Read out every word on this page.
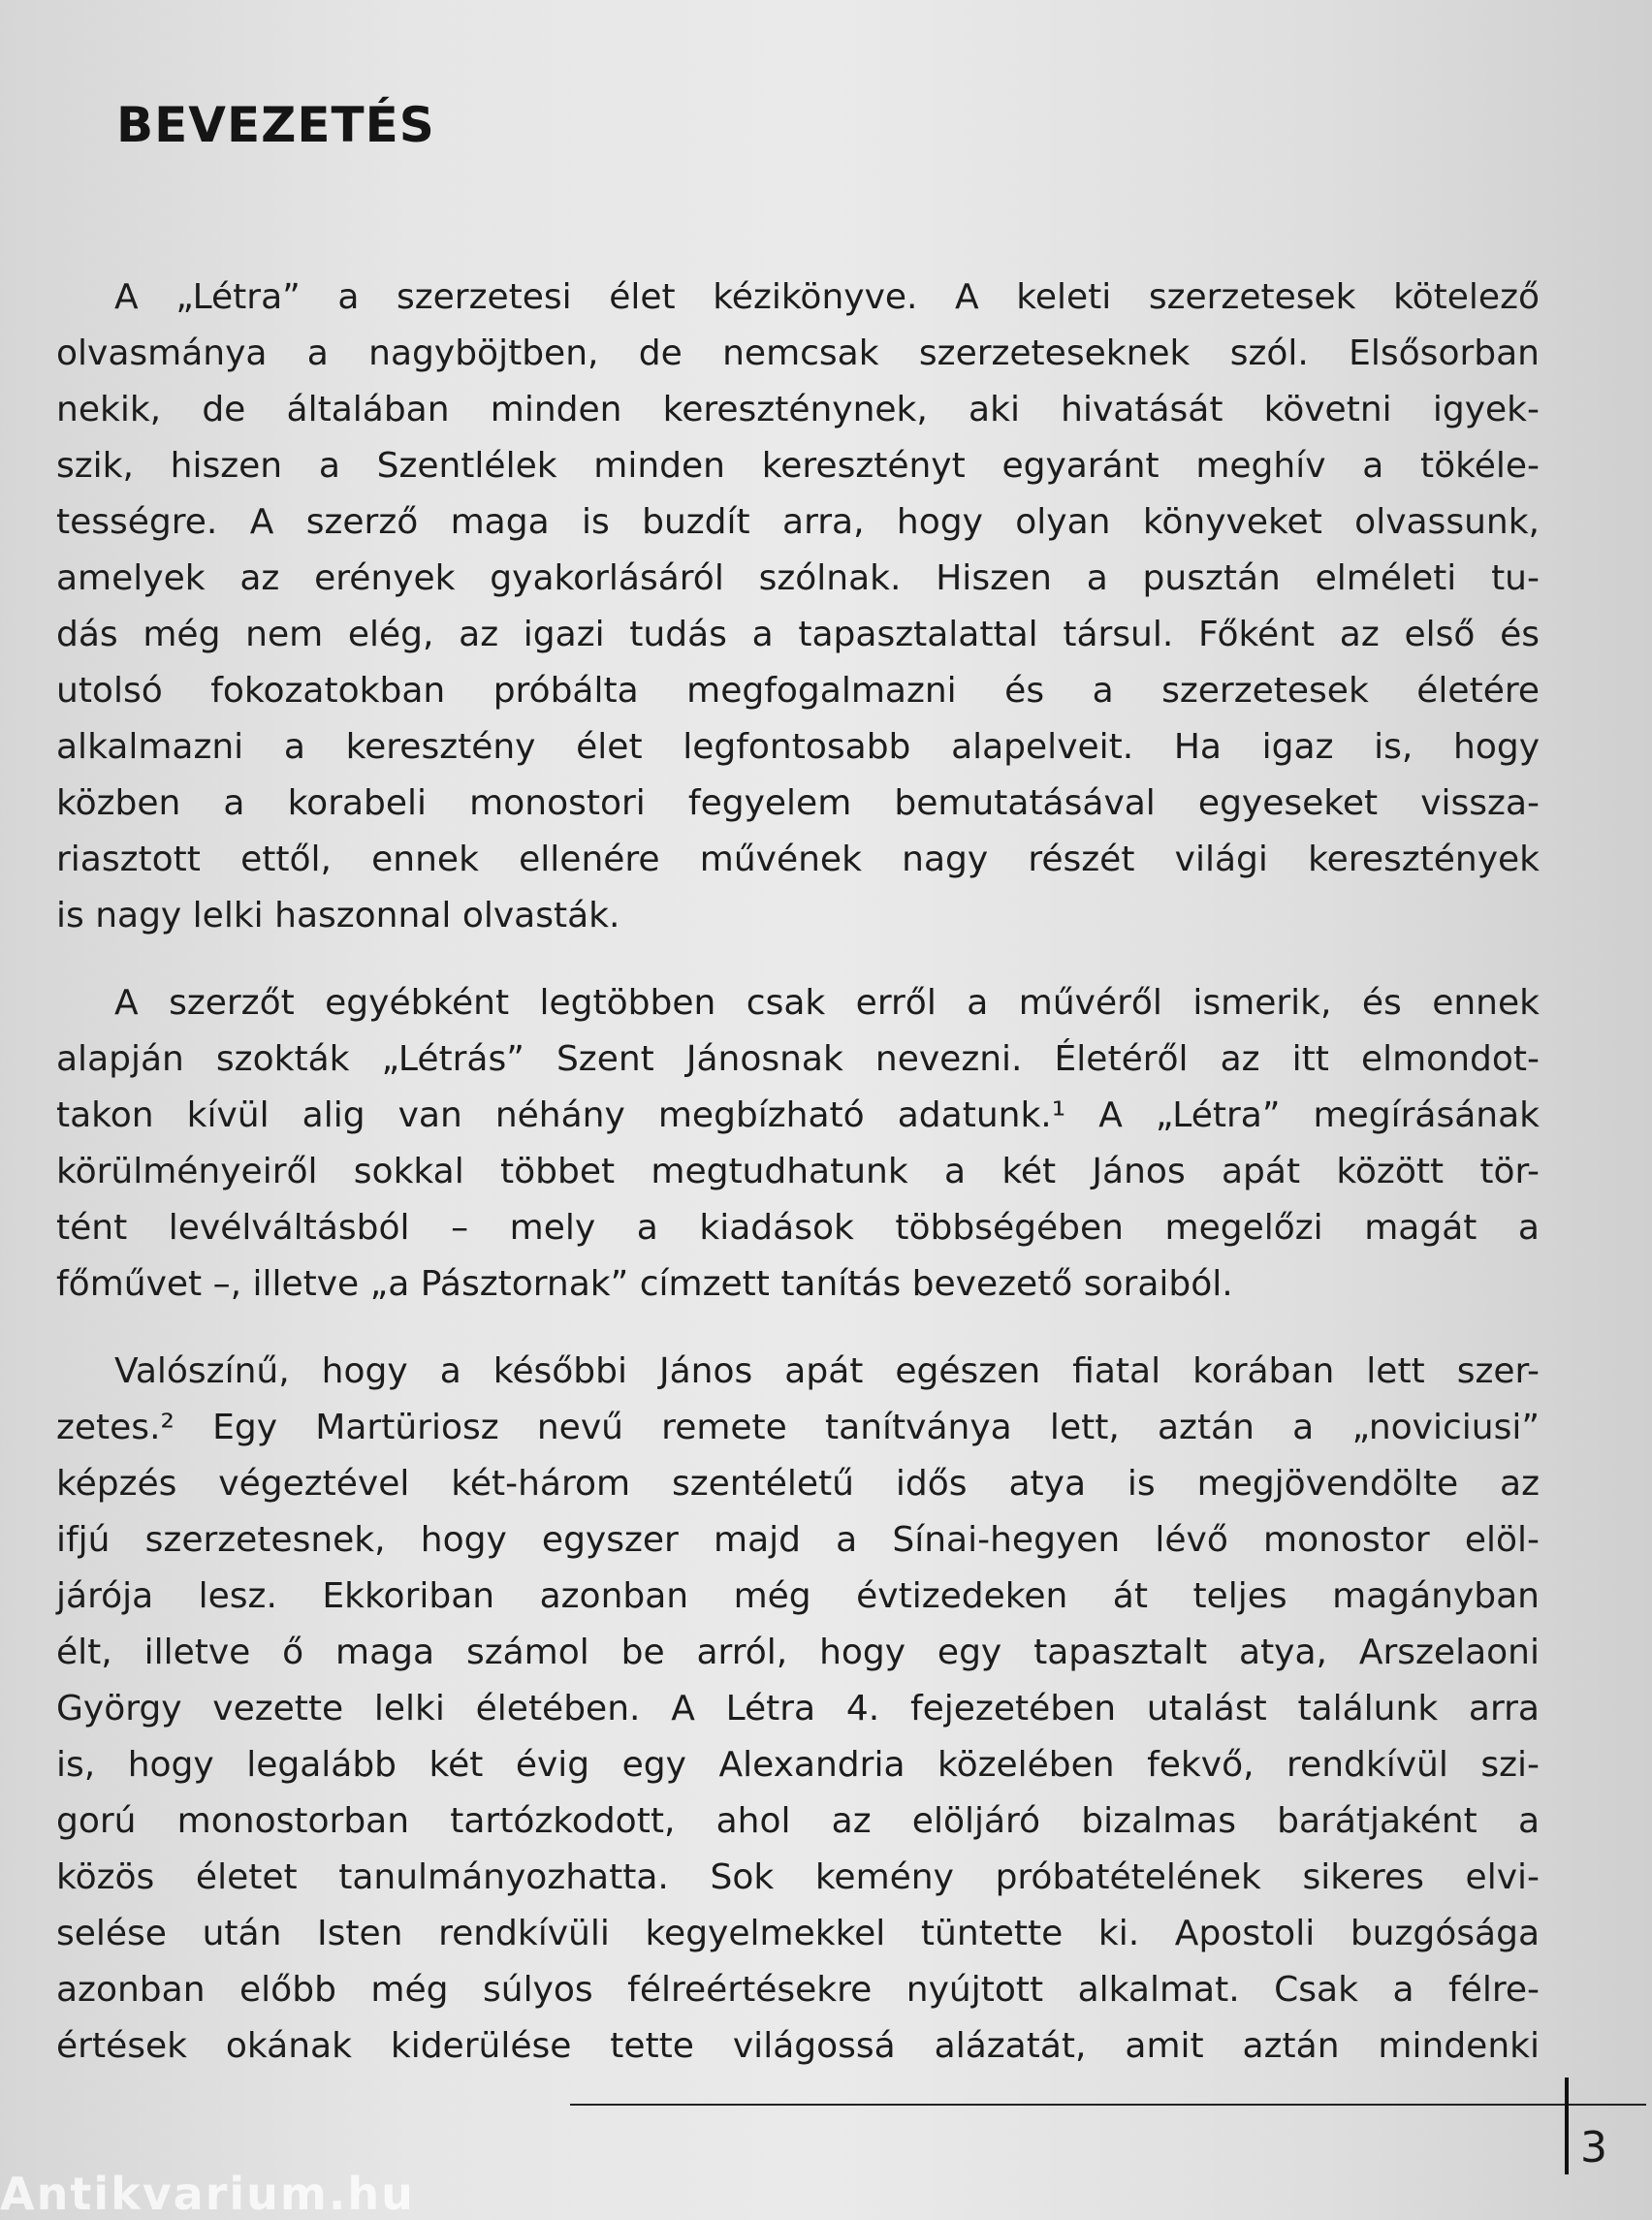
BEVEZETÉS
A „Létra” a szerzetesi élet kézikönyve. A keleti szerzetesek kötelező
olvasmánya a nagyböjtben, de nemcsak szerzeteseknek szól. Elsősorban
nekik, de általában minden kereszténynek, aki hivatását követni igyek-
szik, hiszen a Szentlélek minden keresztényt egyaránt meghív a tökéle-
tességre. A szerző maga is buzdít arra, hogy olyan könyveket olvassunk,
amelyek az erények gyakorlásáról szólnak. Hiszen a pusztán elméleti tu-
dás még nem elég, az igazi tudás a tapasztalattal társul. Főként az első és
utolsó fokozatokban próbálta megfogalmazni és a szerzetesek életére
alkalmazni a keresztény élet legfontosabb alapelveit. Ha igaz is, hogy
közben a korabeli monostori fegyelem bemutatásával egyeseket vissza-
riasztott ettől, ennek ellenére művének nagy részét világi keresztények
is nagy lelki haszonnal olvasták.
A szerzőt egyébként legtöbben csak erről a művéről ismerik, és ennek
alapján szokták „Létrás” Szent Jánosnak nevezni. Életéről az itt elmondot-
takon kívül alig van néhány megbízható adatunk.¹ A „Létra” megírásának
körülményeiről sokkal többet megtudhatunk a két János apát között tör-
tént levélváltásból – mely a kiadások többségében megelőzi magát a
főművet –, illetve „a Pásztornak” címzett tanítás bevezető soraiból.
Valószínű, hogy a későbbi János apát egészen fiatal korában lett szer-
zetes.² Egy Martüriosz nevű remete tanítványa lett, aztán a „noviciusi”
képzés végeztével két-három szentéletű idős atya is megjövendölte az
ifjú szerzetesnek, hogy egyszer majd a Sínai-hegyen lévő monostor elöl-
járója lesz. Ekkoriban azonban még évtizedeken át teljes magányban
élt, illetve ő maga számol be arról, hogy egy tapasztalt atya, Arszelaoni
György vezette lelki életében. A Létra 4. fejezetében utalást találunk arra
is, hogy legalább két évig egy Alexandria közelében fekvő, rendkívül szi-
gorú monostorban tartózkodott, ahol az elöljáró bizalmas barátjaként a
közös életet tanulmányozhatta. Sok kemény próbatételének sikeres elvi-
selése után Isten rendkívüli kegyelmekkel tüntette ki. Apostoli buzgósága
azonban előbb még súlyos félreértésekre nyújtott alkalmat. Csak a félre-
értések okának kiderülése tette világossá alázatát, amit aztán mindenki
3
Antikvarium.hu
